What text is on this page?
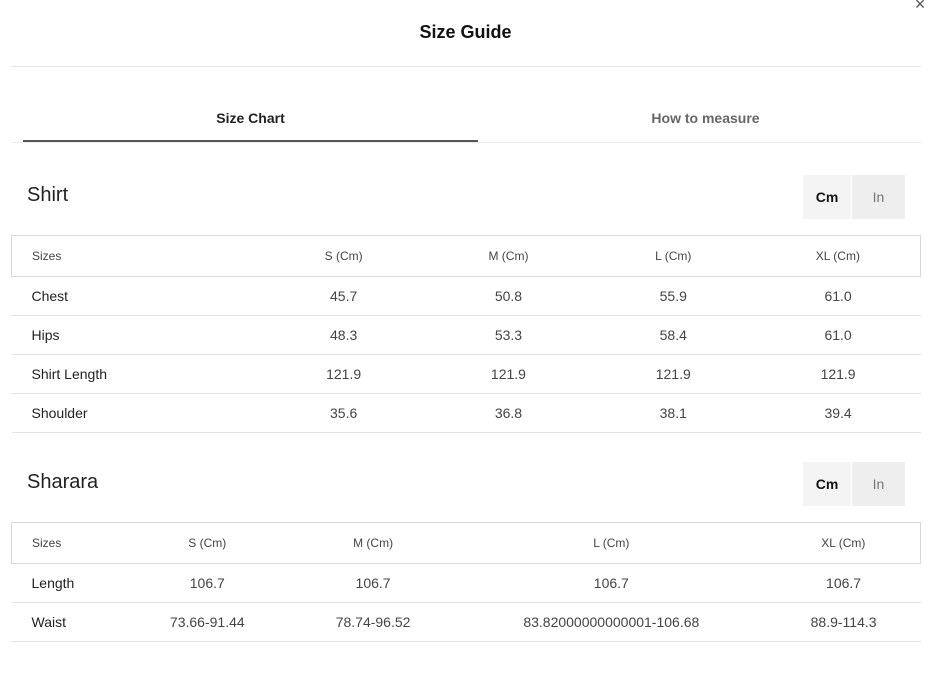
×
Size Guide
Size Chart	How to measure
Shirt	Cm	In
Sizes	S (Cm)	M (Cm)	L (Cm)	XL (Cm)
Chest	45.7	50.8	55.9	61.0
Hips	48.3	53.3	58.4	61.0
Shirt Length	121.9	121.9	121.9	121.9
Shoulder	35.6	36.8	38.1	39.4
Sharara	Cm	In
Sizes	S (Cm)	M (Cm)	L (Cm)	XL (Cm)
Length	106.7	106.7	106.7	106.7
Waist	73.66-91.44	78.74-96.52	83.82000000000001-106.68	88.9-114.3
